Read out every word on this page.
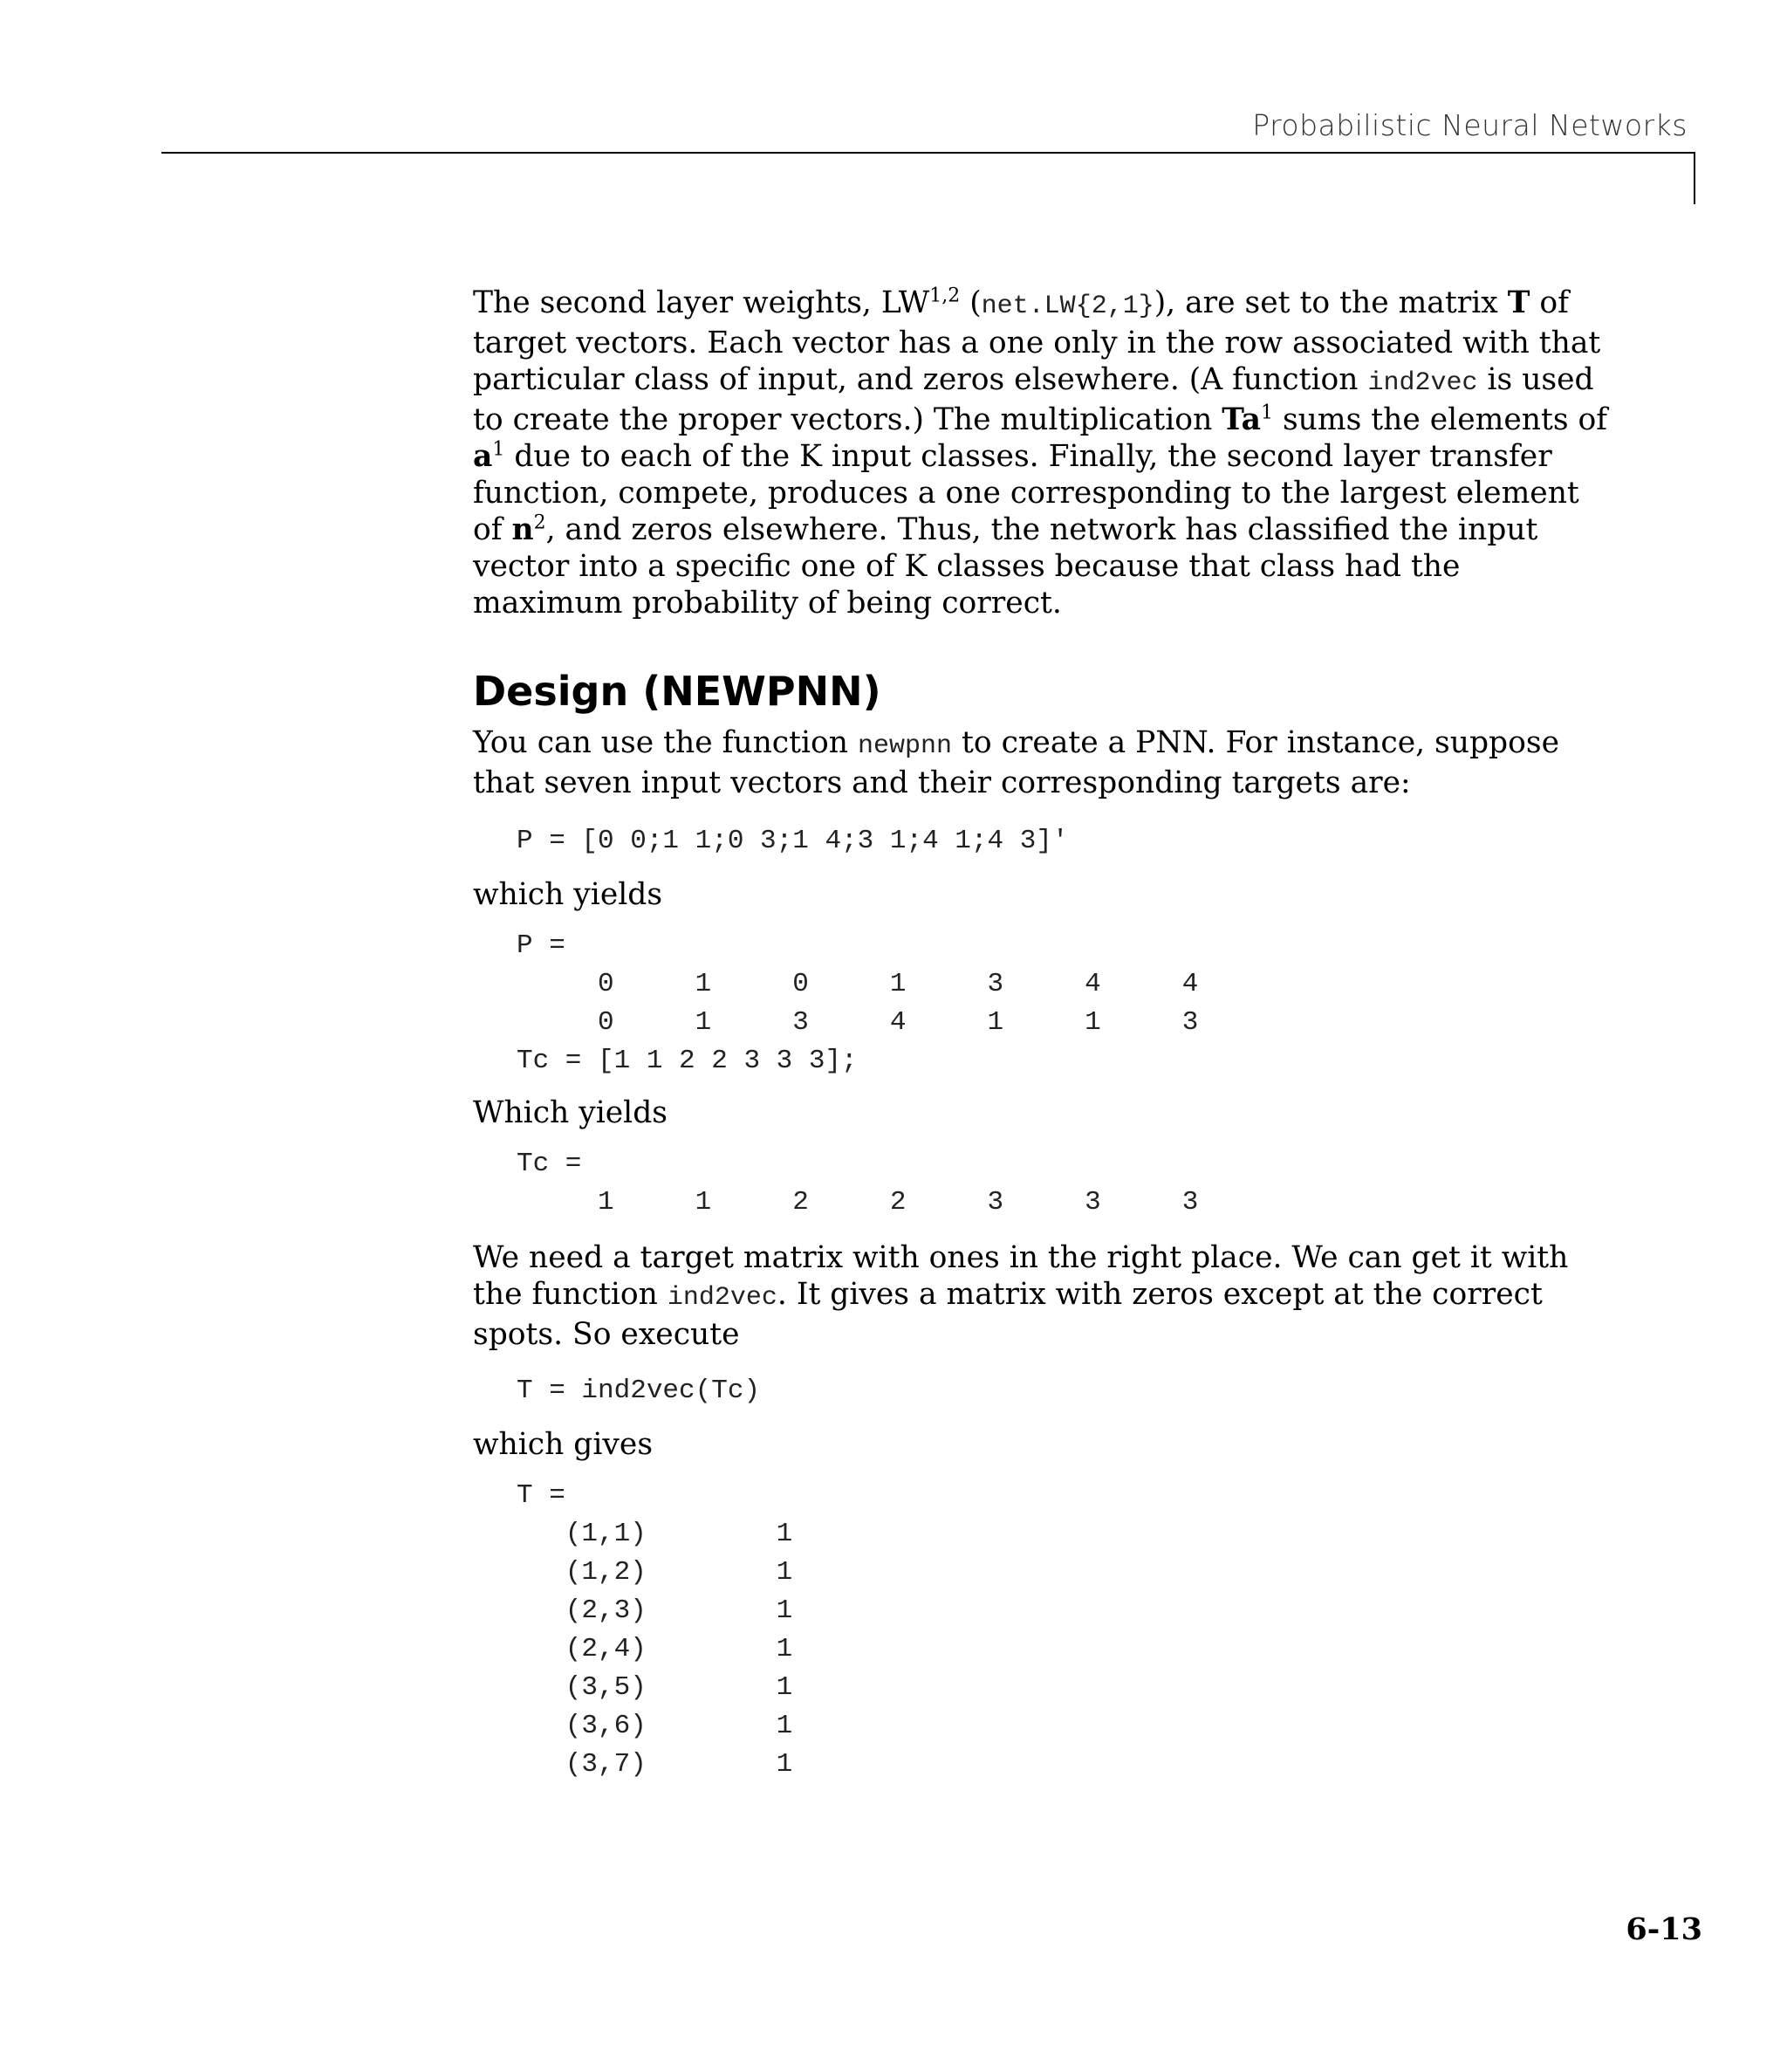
Probabilistic Neural Networks

The second layer weights, LW$^{1,2}$ (net.LW{2,1}), are set to the matrix T of target vectors. Each vector has a one only in the row associated with that particular class of input, and zeros elsewhere. (A function ind2vec is used to create the proper vectors.) The multiplication Ta$^1$ sums the elements of $a^1$ due to each of the K input classes. Finally, the second layer transfer function, compete, produces a one corresponding to the largest element of $n^2$, and zeros elsewhere. Thus, the network has classified the input vector into a specific one of K classes because that class had the maximum probability of being correct.

Design (NEWPNN)

You can use the function newpnn to create a PNN. For instance, suppose that seven input vectors and their corresponding targets are:

P = [0 0;1 1;0 3;1 4;3 1;4 1;4 3]'

which yields

P =
0     1     0     1     3     4     4
0     1     3     4     1     1     3
Tc = [1 1 2 2 3 3 3];

Which yields

Tc =
1     1     2     2     3     3     3

We need a target matrix with ones in the right place. We can get it with the function ind2vec. It gives a matrix with zeros except at the correct spots. So execute

T = ind2vec(Tc)

which gives

T =
(1,1)        1
(1,2)        1
(2,3)        1
(2,4)        1
(3,5)        1
(3,6)        1
(3,7)        1
6-13
